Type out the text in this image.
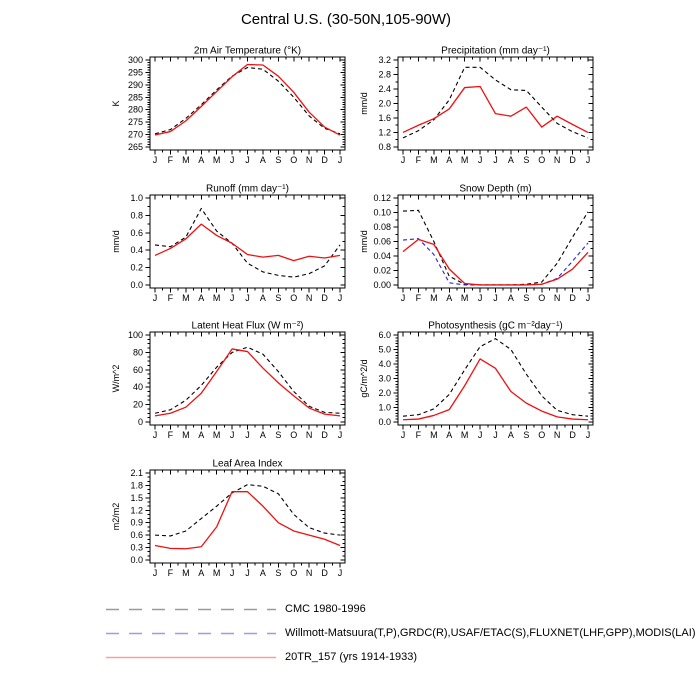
Central U.S. (30-50N,105-90W)
2m Air Temperature (°K)
K
J F M A M J J A S O N D J
265
270
275
280
285
290
295
300
Precipitation (mm day⁻¹)
mm/d
J F M A M J J A S O N D J
0.8
1.2
1.6
2.0
2.4
2.8
3.2
Runoff (mm day⁻¹)
mm/d
J F M A M J J A S O N D J
0.0
0.2
0.4
0.6
0.8
1.0
Snow Depth (m)
mm/d
J F M A M J J A S O N D J
0.00
0.02
0.04
0.06
0.08
0.10
0.12
Latent Heat Flux (W m⁻²)
W/m^2
J F M A M J J A S O N D J
0
20
40
60
80
100
Photosynthesis (gC m⁻²day⁻¹)
gC/m^2/d
J F M A M J J A S O N D J
0.0
1.0
2.0
3.0
4.0
5.0
6.0
Leaf Area Index
m2/m2
J F M A M J J A S O N D J
0.0
0.3
0.6
0.9
1.2
1.5
1.8
2.1
CMC 1980-1996
Willmott-Matsuura(T,P),GRDC(R),USAF/ETAC(S),FLUXNET(LHF,GPP),MODIS(LAI)
20TR_157 (yrs 1914-1933)
